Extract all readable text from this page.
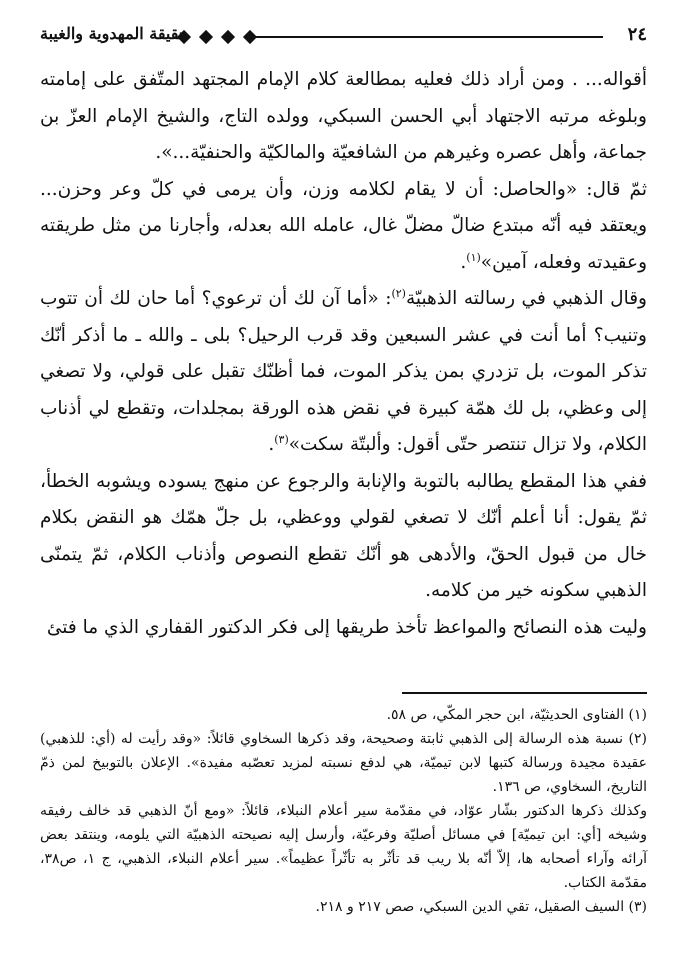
٢٤
حقيقة المهدوية والغيبة

أقواله... . ومن أراد ذلك فعليه بمطالعة كلام الإمام المجتهد المتّفق على إمامته وبلوغه مرتبه الاجتهاد أبي الحسن السبكي، وولده التاج، والشيخ الإمام العزّ بن جماعة، وأهل عصره وغيرهم من الشافعيّة والمالكيّة والحنفيّة...».

ثمّ قال: «والحاصل: أن لا يقام لكلامه وزن، وأن يرمى في كلّ وعر وحزن... ويعتقد فيه أنّه مبتدع ضالّ مضلّ غال، عامله الله بعدله، وأجارنا من مثل طريقته وعقيدته وفعله، آمين»$^{(١)}$.

وقال الذهبي في رسالته الذهبيّة$^{(٢)}$: «أما آن لك أن ترعوي؟ أما حان لك أن تتوب وتنيب؟ أما أنت في عشر السبعين وقد قرب الرحيل؟ بلى ـ والله ـ ما أذكر أنّك تذكر الموت، بل تزدري بمن يذكر الموت، فما أظنّك تقبل على قولي، ولا تصغي إلى وعظي، بل لك همّة كبيرة في نقض هذه الورقة بمجلدات، وتقطع لي أذناب الكلام، ولا تزال تنتصر حتّى أقول: وألبتّة سكت»$^{(٣)}$.

ففي هذا المقطع يطالبه بالتوبة والإنابة والرجوع عن منهج يسوده ويشوبه الخطأ، ثمّ يقول: أنا أعلم أنّك لا تصغي لقولي ووعظي، بل جلّ همّك هو النقض بكلام خال من قبول الحقّ، والأدهى هو أنّك تقطع النصوص وأذناب الكلام، ثمّ يتمنّى الذهبي سكونه خير من كلامه.

وليت هذه النصائح والمواعظ تأخذ طريقها إلى فكر الدكتور القفاري الذي ما فتئ

(١) الفتاوى الحديثيّة، ابن حجر المكّي، ص ٥٨.

(٢) نسبة هذه الرسالة إلى الذهبي ثابتة وصحيحة، وقد ذكرها السخاوي قائلاً: «وقد رأيت له (أي: للذهبي) عقيدة مجيدة ورسالة كتبها لابن تيميّة، هي لدفع نسبته لمزيد تعصّبه مفيدة». الإعلان بالتوبيخ لمن ذمّ التاريخ، السخاوي، ص ١٣٦.

وكذلك ذكرها الدكتور بشّار عوّاد، في مقدّمة سير أعلام النبلاء، قائلاً: «ومع أنّ الذهبي قد خالف رفيقه وشيخه [أي: ابن تيميّة] في مسائل أصليّة وفرعيّة، وأرسل إليه نصيحته الذهبيّة التي يلومه، وينتقد بعض آرائه وآراء أصحابه ها، إلاّ أنّه بلا ريب قد تأثّر به تأثّراً عظيماً». سير أعلام النبلاء، الذهبي، ج ١، ص٣٨، مقدّمة الكتاب.

(٣) السيف الصقيل، تقي الدين السبكي، صص ٢١٧ و ٢١٨.
